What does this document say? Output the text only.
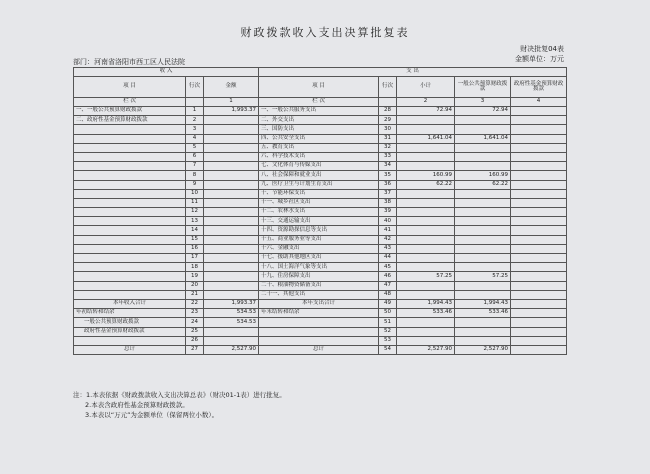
财政拨款收入支出决算批复表
财决批复04表
金额单位：万元
部门：河南省洛阳市西工区人民法院
收 入			支 出				
项 目	行次	金额	项 目	行次	小计	一般公共预算财政拨款	政府性基金预算财政拨款
栏 次		1	栏 次		2	3	4
一、一般公共预算财政拨款	1	1,993.37	一、一般公共服务支出	28	72.94	72.94	
二、政府性基金预算财政拨款	2		二、外交支出	29			
	3		三、国防支出	30			
	4		四、公共安全支出	31	1,641.04	1,641.04	
	5		五、教育支出	32			
	6		六、科学技术支出	33			
	7		七、文化体育与传媒支出	34			
	8		八、社会保障和就业支出	35	160.99	160.99	
	9		九、医疗卫生与计划生育支出	36	62.22	62.22	
	10		十、节能环保支出	37			
	11		十一、城乡社区支出	38			
	12		十二、农林水支出	39			
	13		十三、交通运输支出	40			
	14		十四、资源勘探信息等支出	41			
	15		十五、商业服务业等支出	42			
	16		十六、金融支出	43			
	17		十七、援助其他地区支出	44			
	18		十八、国土海洋气象等支出	45			
	19		十九、住房保障支出	46	57.25	57.25	
	20		二十、粮油物资储备支出	47			
	21		二十一、其他支出	48			
本年收入合计	22	1,993.37	本年支出合计	49	1,994.43	1,994.43	
年初结转和结余	23	534.53	年末结转和结余	50	533.46	533.46	
一般公共预算财政拨款	24	534.53		51			
政府性基金预算财政拨款	25			52			
	26			53			
总计	27	2,527.90	总计	54	2,527.90	2,527.90	
注：1.本表依据《财政拨款收入支出决算总表》（财决01-1表）进行批复。
2.本表含政府性基金预算财政拨款。
3.本表以“万元”为金额单位（保留两位小数）。
